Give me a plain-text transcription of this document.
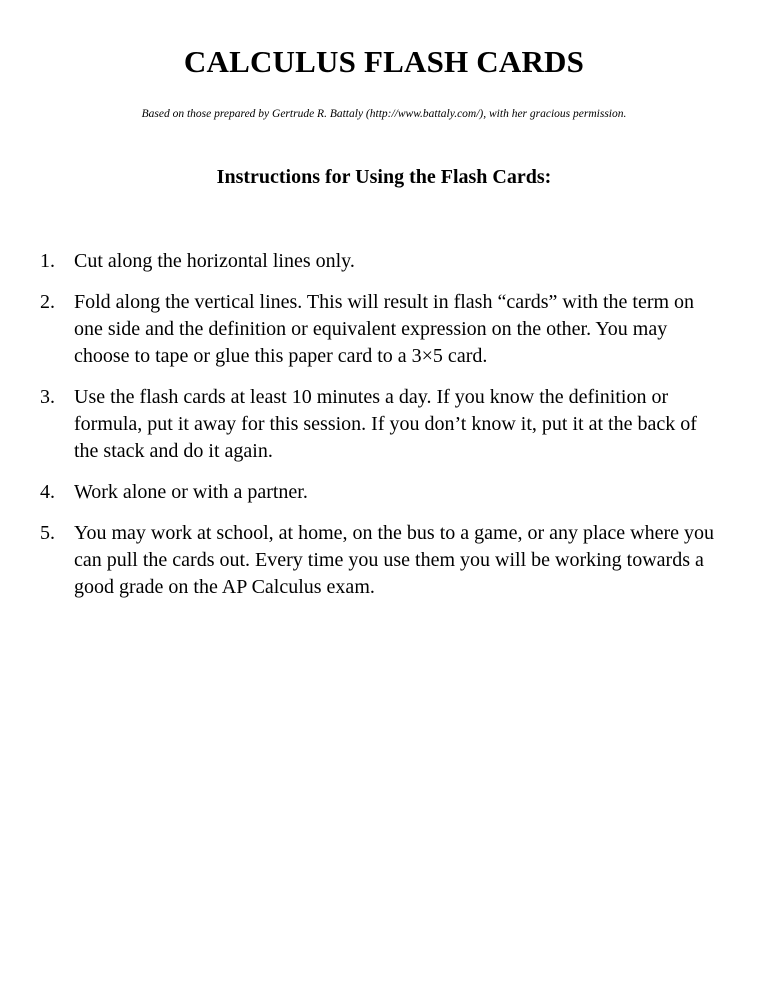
CALCULUS FLASH CARDS
Based on those prepared by Gertrude R. Battaly (http://www.battaly.com/), with her gracious permission.
Instructions for Using the Flash Cards:
1. Cut along the horizontal lines only.
2. Fold along the vertical lines. This will result in flash “cards” with the term on one side and the definition or equivalent expression on the other. You may choose to tape or glue this paper card to a 3×5 card.
3. Use the flash cards at least 10 minutes a day. If you know the definition or formula, put it away for this session. If you don’t know it, put it at the back of the stack and do it again.
4. Work alone or with a partner.
5. You may work at school, at home, on the bus to a game, or any place where you can pull the cards out. Every time you use them you will be working towards a good grade on the AP Calculus exam.
